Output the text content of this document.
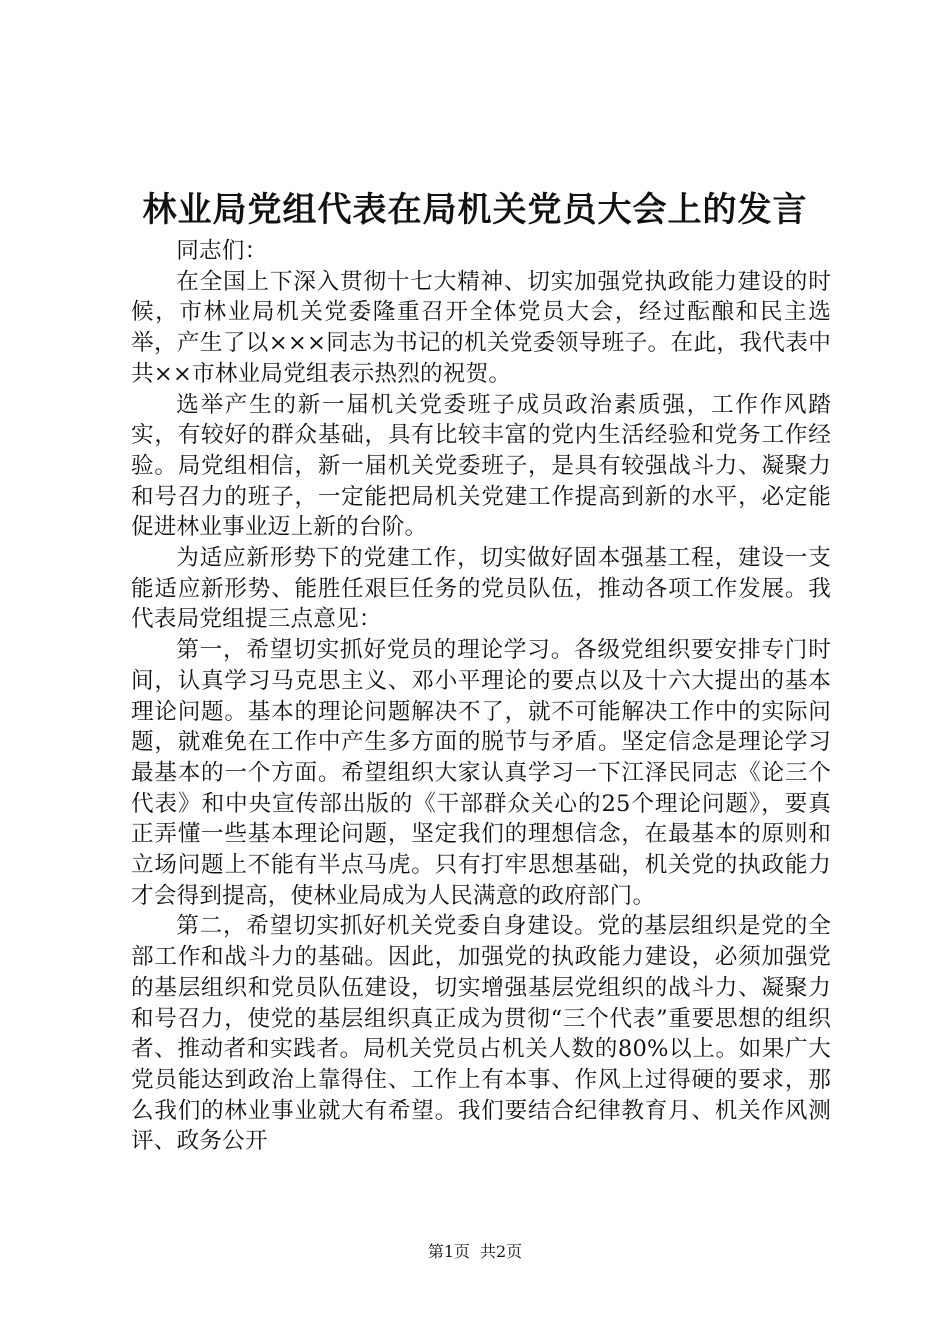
林业局党组代表在局机关党员大会上的发言

同志们：

在全国上下深入贯彻十七大精神、切实加强党执政能力建设的时候，市林业局机关党委隆重召开全体党员大会，经过酝酿和民主选举，产生了以×××同志为书记的机关党委领导班子。在此，我代表中共××市林业局党组表示热烈的祝贺。

选举产生的新一届机关党委班子成员政治素质强，工作作风踏实，有较好的群众基础，具有比较丰富的党内生活经验和党务工作经验。局党组相信，新一届机关党委班子，是具有较强战斗力、凝聚力和号召力的班子，一定能把局机关党建工作提高到新的水平，必定能促进林业事业迈上新的台阶。

为适应新形势下的党建工作，切实做好固本强基工程，建设一支能适应新形势、能胜任艰巨任务的党员队伍，推动各项工作发展。我代表局党组提三点意见：

第一，希望切实抓好党员的理论学习。各级党组织要安排专门时间，认真学习马克思主义、邓小平理论的要点以及十六大提出的基本理论问题。基本的理论问题解决不了，就不可能解决工作中的实际问题，就难免在工作中产生多方面的脱节与矛盾。坚定信念是理论学习最基本的一个方面。希望组织大家认真学习一下江泽民同志《论三个代表》和中央宣传部出版的《干部群众关心的25个理论问题》，要真正弄懂一些基本理论问题，坚定我们的理想信念，在最基本的原则和立场问题上不能有半点马虎。只有打牢思想基础，机关党的执政能力才会得到提高，使林业局成为人民满意的政府部门。

第二，希望切实抓好机关党委自身建设。党的基层组织是党的全部工作和战斗力的基础。因此，加强党的执政能力建设，必须加强党的基层组织和党员队伍建设，切实增强基层党组织的战斗力、凝聚力和号召力，使党的基层组织真正成为贯彻“三个代表”重要思想的组织者、推动者和实践者。局机关党员占机关人数的80%以上。如果广大党员能达到政治上靠得住、工作上有本事、作风上过得硬的要求，那么我们的林业事业就大有希望。我们要结合纪律教育月、机关作风测评、政务公开

第1页 共2页
